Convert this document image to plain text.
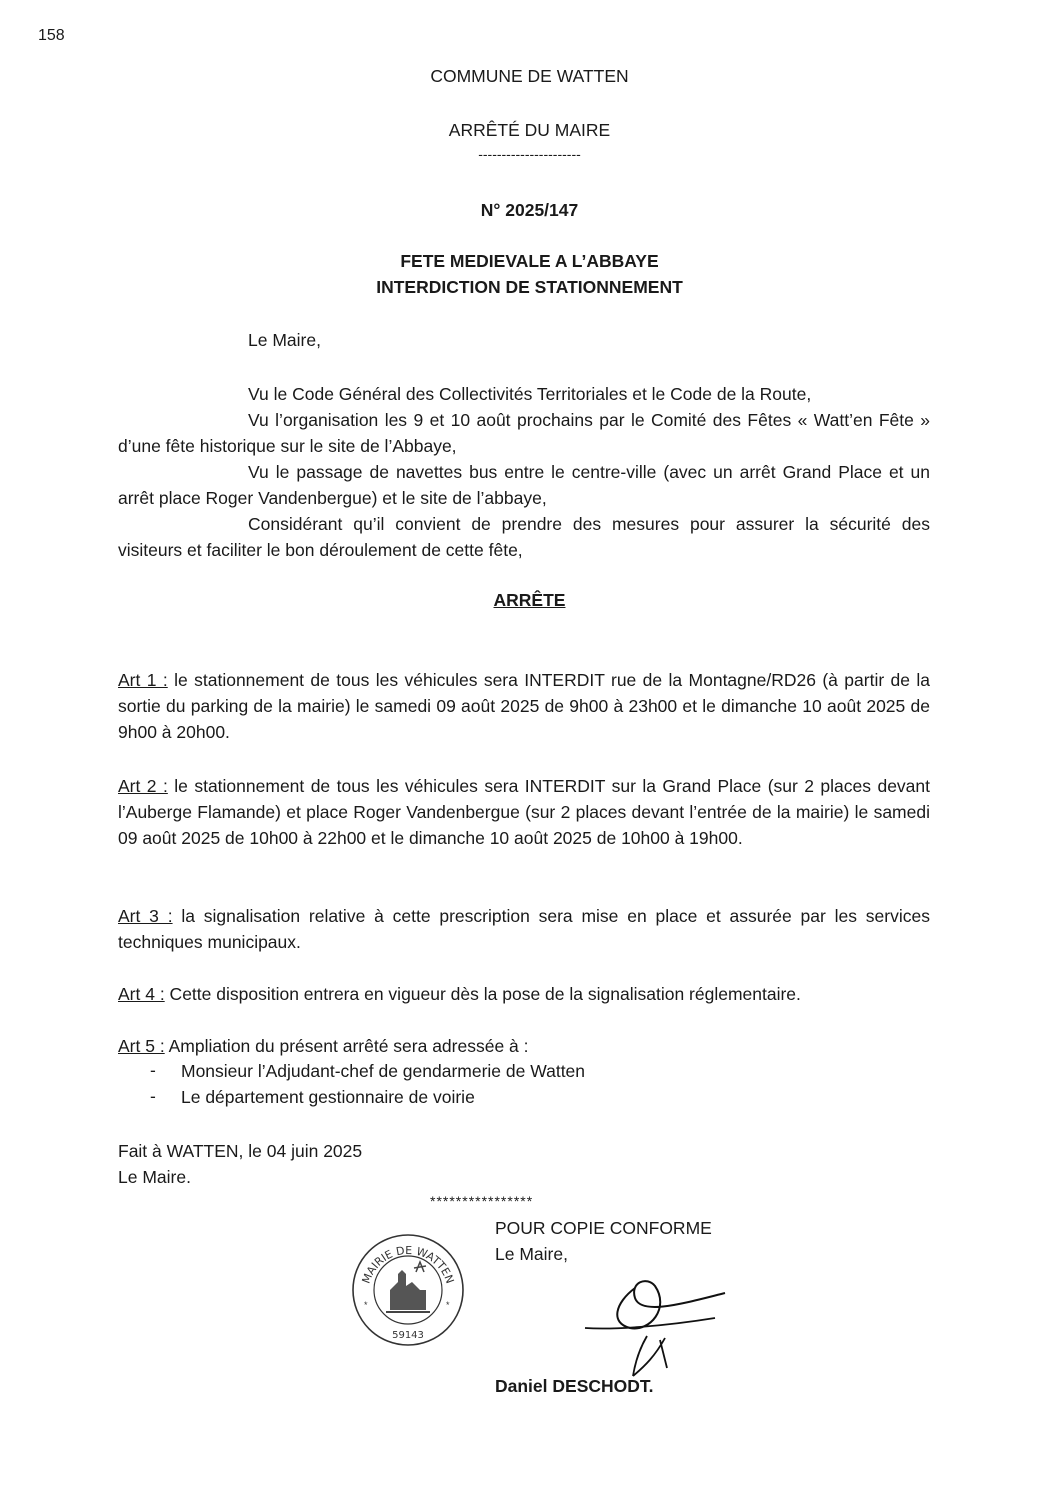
158
COMMUNE DE WATTEN
ARRÊTÉ DU MAIRE
----------------------
N° 2025/147
FETE MEDIEVALE A L’ABBAYE
INTERDICTION DE STATIONNEMENT
Le Maire,
Vu le Code Général des Collectivités Territoriales et le Code de la Route,
Vu l’organisation les 9 et 10 août prochains par le Comité des Fêtes « Watt’en Fête » d’une fête historique sur le site de l’Abbaye,
Vu le passage de navettes bus entre le centre-ville (avec un arrêt Grand Place et un arrêt place Roger Vandenbergue) et le site de l’abbaye,
Considérant qu’il convient de prendre des mesures pour assurer la sécurité des visiteurs et faciliter le bon déroulement de cette fête,
ARRÊTE
Art 1 : le stationnement de tous les véhicules sera INTERDIT rue de la Montagne/RD26 (à partir de la sortie du parking de la mairie) le samedi 09 août 2025 de 9h00 à 23h00 et le dimanche 10 août 2025 de 9h00 à 20h00.
Art 2 : le stationnement de tous les véhicules sera INTERDIT sur la Grand Place (sur 2 places devant l’Auberge Flamande) et place Roger Vandenbergue (sur 2 places devant l’entrée de la mairie) le samedi 09 août 2025 de 10h00 à 22h00 et le dimanche 10 août 2025 de 10h00 à 19h00.
Art 3 : la signalisation relative à cette prescription sera mise en place et assurée par les services techniques municipaux.
Art 4 : Cette disposition entrera en vigueur dès la pose de la signalisation réglementaire.
Art 5 : Ampliation du présent arrêté sera adressée à :
- Monsieur l’Adjudant-chef de gendarmerie de Watten
- Le département gestionnaire de voirie
Fait à WATTEN, le 04 juin 2025
Le Maire.
****************
POUR COPIE CONFORME
Le Maire,
MAIRIE DE WATTEN
59143
*	*
Daniel DESCHODT.
